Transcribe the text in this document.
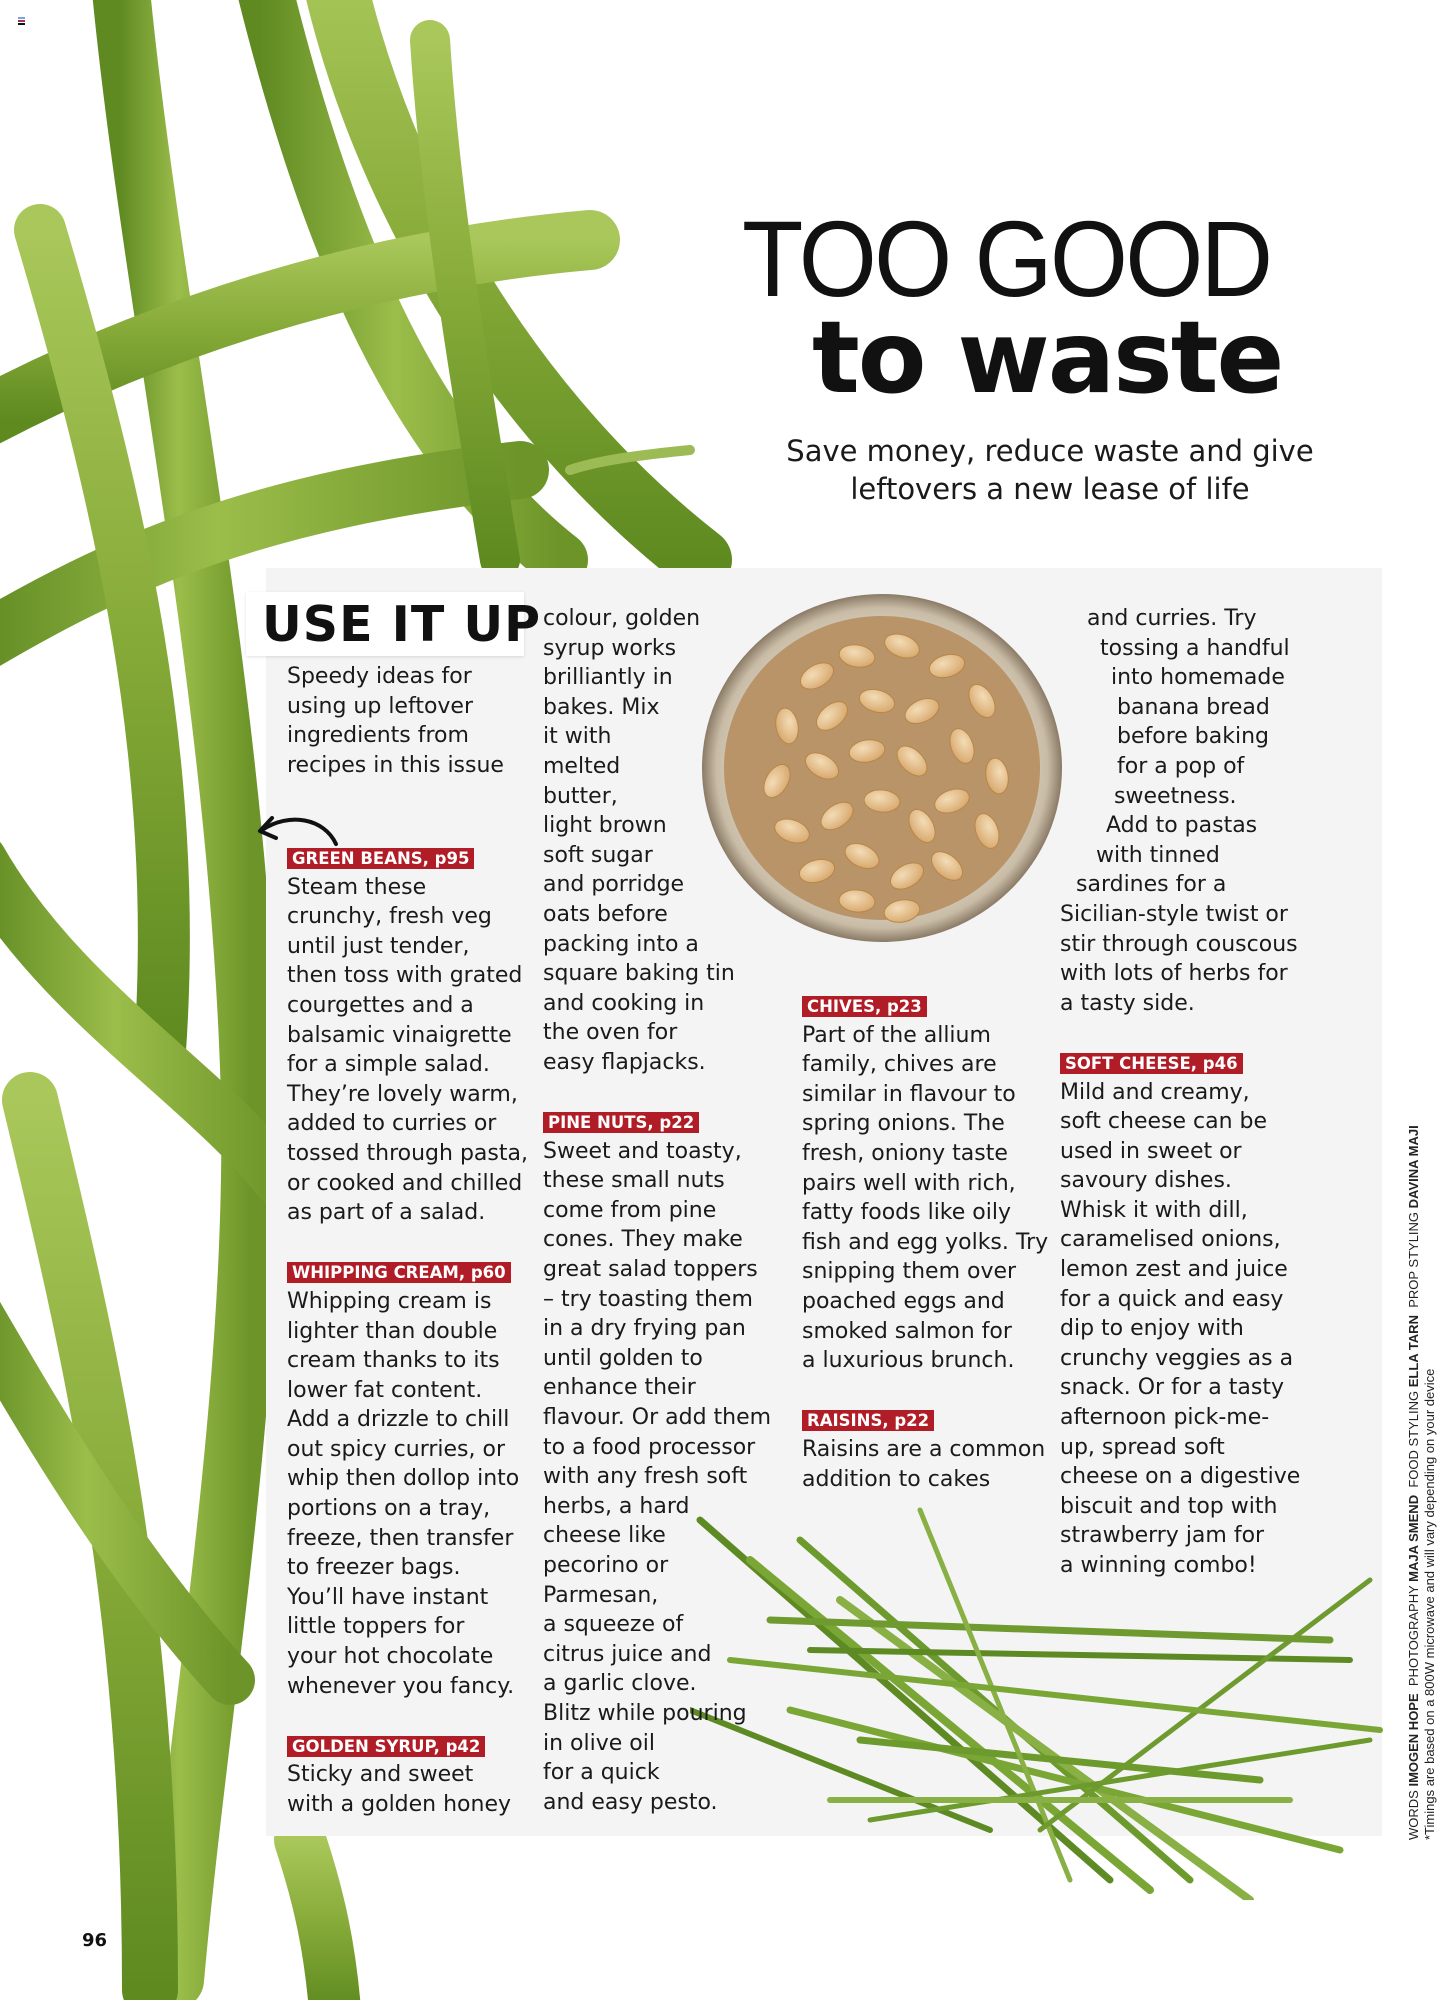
TOO GOOD
to waste
Save money, reduce waste and give
leftovers a new lease of life
USE IT UP
Speedy ideas for
using up leftover
ingredients from
recipes in this issue
GREEN BEANS, p95
Steam these
crunchy, fresh veg
until just tender,
then toss with grated
courgettes and a
balsamic vinaigrette
for a simple salad.
They’re lovely warm,
added to curries or
tossed through pasta,
or cooked and chilled
as part of a salad.
WHIPPING CREAM, p60
Whipping cream is
lighter than double
cream thanks to its
lower fat content.
Add a drizzle to chill
out spicy curries, or
whip then dollop into
portions on a tray,
freeze, then transfer
to freezer bags.
You’ll have instant
little toppers for
your hot chocolate
whenever you fancy.
GOLDEN SYRUP, p42
Sticky and sweet
with a golden honey
colour, golden
syrup works
brilliantly in
bakes. Mix
it with
melted
butter,
light brown
soft sugar
and porridge
oats before
packing into a
square baking tin
and cooking in
the oven for
easy flapjacks.
PINE NUTS, p22
Sweet and toasty,
these small nuts
come from pine
cones. They make
great salad toppers
– try toasting them
in a dry frying pan
until golden to
enhance their
flavour. Or add them
to a food processor
with any fresh soft
herbs, a hard
cheese like
pecorino or
Parmesan,
a squeeze of
citrus juice and
a garlic clove.
Blitz while pouring
in olive oil
for a quick
and easy pesto.
CHIVES, p23
Part of the allium
family, chives are
similar in flavour to
spring onions. The
fresh, oniony taste
pairs well with rich,
fatty foods like oily
fish and egg yolks. Try
snipping them over
poached eggs and
smoked salmon for
a luxurious brunch.
RAISINS, p22
Raisins are a common
addition to cakes
and curries. Try
tossing a handful
into homemade
banana bread
before baking
for a pop of
sweetness.
Add to pastas
with tinned
sardines for a
Sicilian-style twist or
stir through couscous
with lots of herbs for
a tasty side.
SOFT CHEESE, p46
Mild and creamy,
soft cheese can be
used in sweet or
savoury dishes.
Whisk it with dill,
caramelised onions,
lemon zest and juice
for a quick and easy
dip to enjoy with
crunchy veggies as a
snack. Or for a tasty
afternoon pick-me-
up, spread soft
cheese on a digestive
biscuit and top with
strawberry jam for
a winning combo!
WORDS IMOGEN HOPE  PHOTOGRAPHY MAJA SMEND  FOOD STYLING ELLA TARN  PROP STYLING DAVINA MAJI
*Timings are based on a 800W microwave and will vary depending on your device
96
